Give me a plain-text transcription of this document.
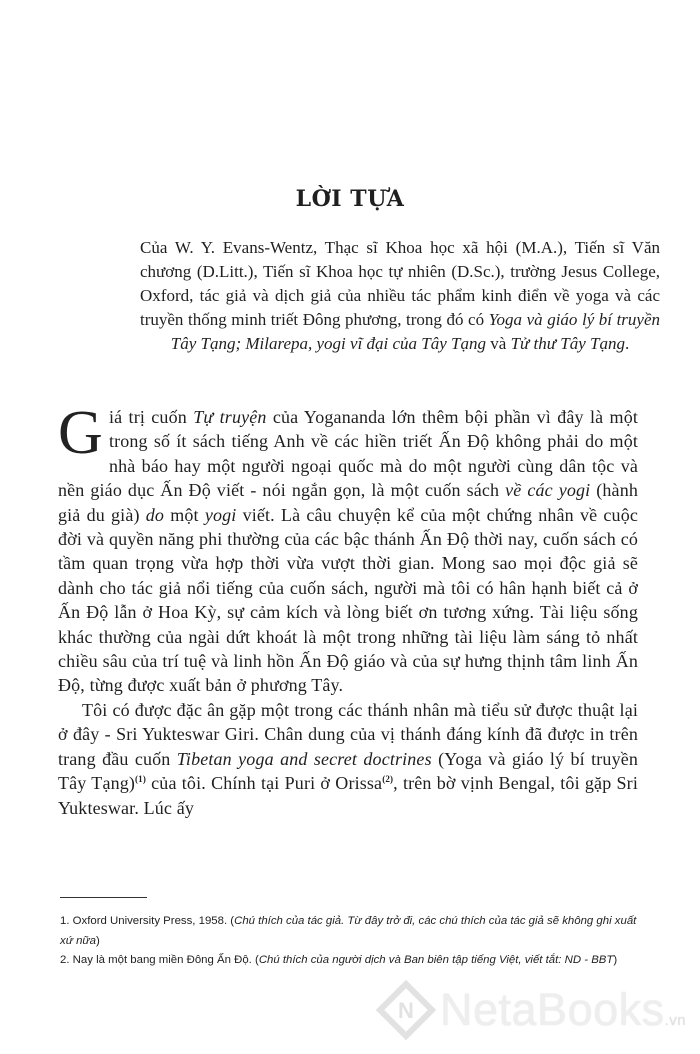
LỜI TỰA
Của W. Y. Evans-Wentz, Thạc sĩ Khoa học xã hội (M.A.), Tiến sĩ Văn chương (D.Litt.), Tiến sĩ Khoa học tự nhiên (D.Sc.), trường Jesus College, Oxford, tác giả và dịch giả của nhiều tác phẩm kinh điển về yoga và các truyền thống minh triết Đông phương, trong đó có Yoga và giáo lý bí truyền Tây Tạng; Milarepa, yogi vĩ đại của Tây Tạng và Tử thư Tây Tạng.

Giá trị cuốn Tự truyện của Yogananda lớn thêm bội phần vì đây là một trong số ít sách tiếng Anh về các hiền triết Ấn Độ không phải do một nhà báo hay một người ngoại quốc mà do một người cùng dân tộc và nền giáo dục Ấn Độ viết - nói ngắn gọn, là một cuốn sách về các yogi (hành giả du già) do một yogi viết. Là câu chuyện kể của một chứng nhân về cuộc đời và quyền năng phi thường của các bậc thánh Ấn Độ thời nay, cuốn sách có tầm quan trọng vừa hợp thời vừa vượt thời gian. Mong sao mọi độc giả sẽ dành cho tác giả nổi tiếng của cuốn sách, người mà tôi có hân hạnh biết cả ở Ấn Độ lẫn ở Hoa Kỳ, sự cảm kích và lòng biết ơn tương xứng. Tài liệu sống khác thường của ngài dứt khoát là một trong những tài liệu làm sáng tỏ nhất chiều sâu của trí tuệ và linh hồn Ấn Độ giáo và của sự hưng thịnh tâm linh Ấn Độ, từng được xuất bản ở phương Tây.

Tôi có được đặc ân gặp một trong các thánh nhân mà tiểu sử được thuật lại ở đây - Sri Yukteswar Giri. Chân dung của vị thánh đáng kính đã được in trên trang đầu cuốn Tibetan yoga and secret doctrines (Yoga và giáo lý bí truyền Tây Tạng)$^{(1)}$ của tôi. Chính tại Puri ở Orissa$^{(2)}$, trên bờ vịnh Bengal, tôi gặp Sri Yukteswar. Lúc ấy

1. Oxford University Press, 1958. (Chú thích của tác giả. Từ đây trở đi, các chú thích của tác giả sẽ không ghi xuất xứ nữa)

2. Nay là một bang miền Đông Ấn Độ. (Chú thích của người dịch và Ban biên tập tiếng Việt, viết tắt: ND - BBT)

N NetaBooks.vn
